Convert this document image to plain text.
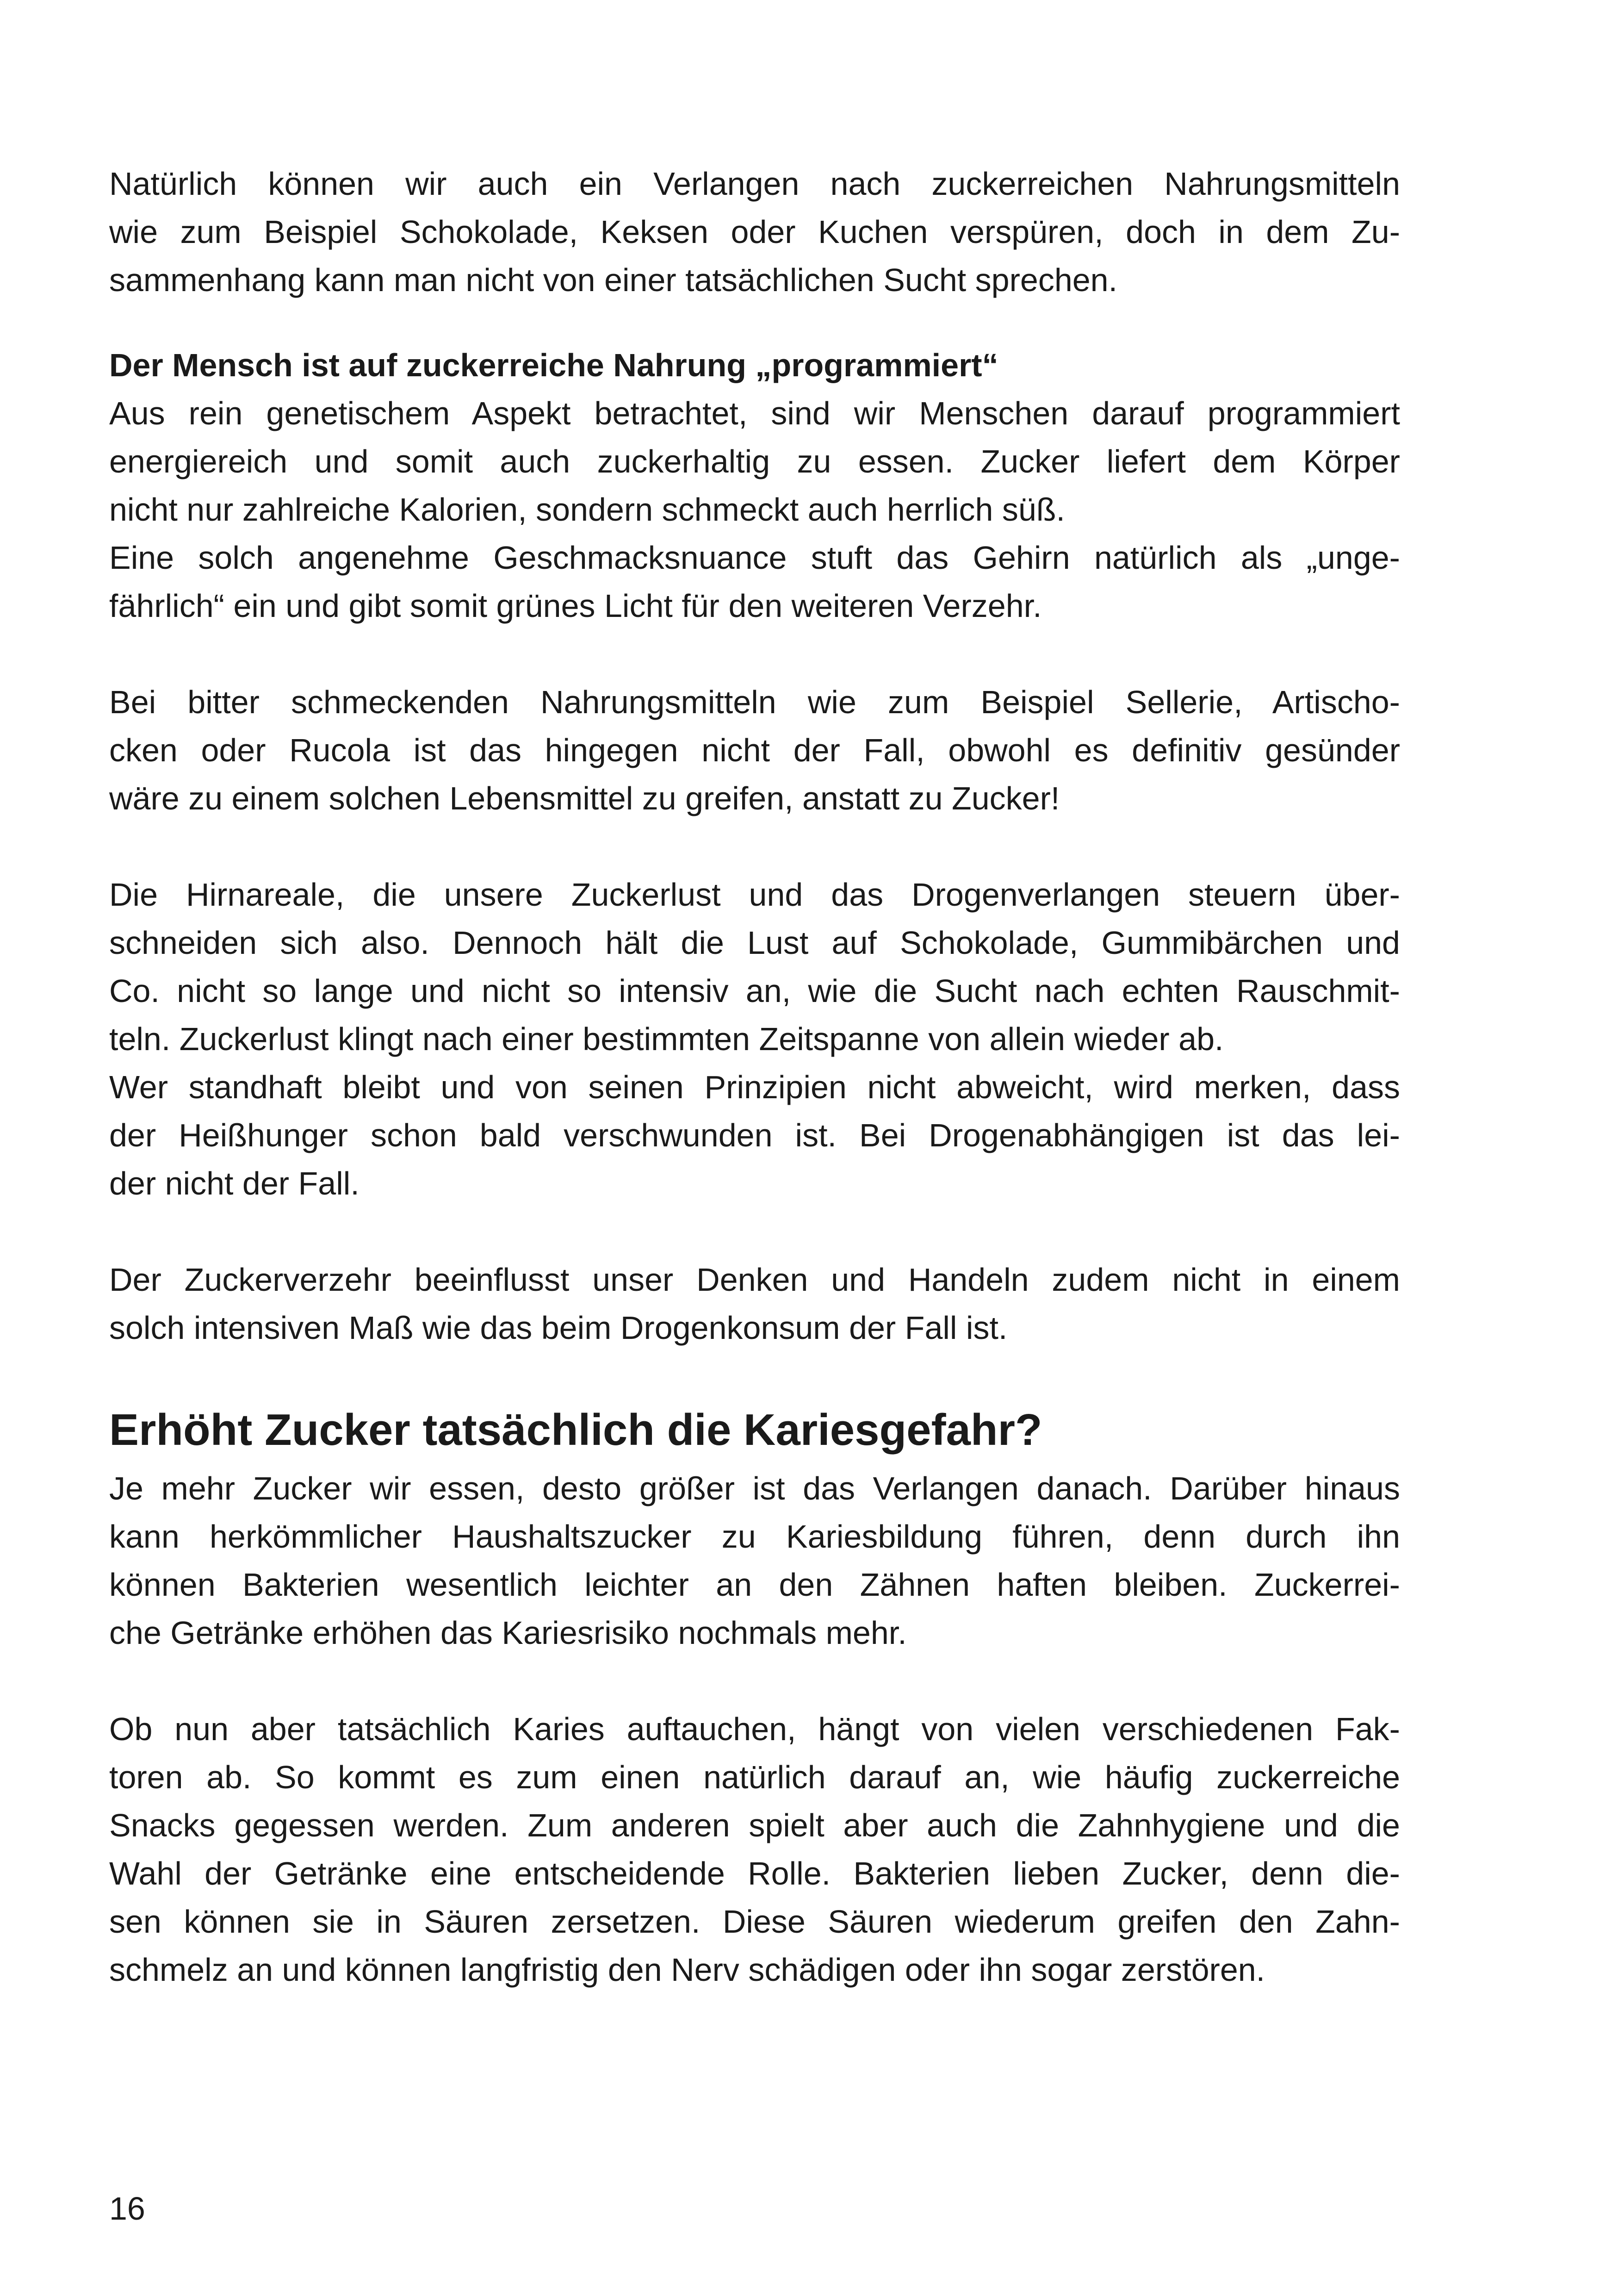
Natürlich können wir auch ein Verlangen nach zuckerreichen Nahrungsmitteln
wie zum Beispiel Schokolade, Keksen oder Kuchen verspüren, doch in dem Zu-
sammenhang kann man nicht von einer tatsächlichen Sucht sprechen.

Der Mensch ist auf zuckerreiche Nahrung „programmiert“

Aus rein genetischem Aspekt betrachtet, sind wir Menschen darauf programmiert
energiereich und somit auch zuckerhaltig zu essen. Zucker liefert dem Körper
nicht nur zahlreiche Kalorien, sondern schmeckt auch herrlich süß.
Eine solch angenehme Geschmacksnuance stuft das Gehirn natürlich als „unge-
fährlich“ ein und gibt somit grünes Licht für den weiteren Verzehr.

Bei bitter schmeckenden Nahrungsmitteln wie zum Beispiel Sellerie, Artischo-
cken oder Rucola ist das hingegen nicht der Fall, obwohl es definitiv gesünder
wäre zu einem solchen Lebensmittel zu greifen, anstatt zu Zucker!

Die Hirnareale, die unsere Zuckerlust und das Drogenverlangen steuern über-
schneiden sich also. Dennoch hält die Lust auf Schokolade, Gummibärchen und
Co. nicht so lange und nicht so intensiv an, wie die Sucht nach echten Rauschmit-
teln. Zuckerlust klingt nach einer bestimmten Zeitspanne von allein wieder ab.
Wer standhaft bleibt und von seinen Prinzipien nicht abweicht, wird merken, dass
der Heißhunger schon bald verschwunden ist. Bei Drogenabhängigen ist das lei-
der nicht der Fall.

Der Zuckerverzehr beeinflusst unser Denken und Handeln zudem nicht in einem
solch intensiven Maß wie das beim Drogenkonsum der Fall ist.

Erhöht Zucker tatsächlich die Kariesgefahr?

Je mehr Zucker wir essen, desto größer ist das Verlangen danach. Darüber hinaus
kann herkömmlicher Haushaltszucker zu Kariesbildung führen, denn durch ihn
können Bakterien wesentlich leichter an den Zähnen haften bleiben. Zuckerrei-
che Getränke erhöhen das Kariesrisiko nochmals mehr.

Ob nun aber tatsächlich Karies auftauchen, hängt von vielen verschiedenen Fak-
toren ab. So kommt es zum einen natürlich darauf an, wie häufig zuckerreiche
Snacks gegessen werden. Zum anderen spielt aber auch die Zahnhygiene und die
Wahl der Getränke eine entscheidende Rolle. Bakterien lieben Zucker, denn die-
sen können sie in Säuren zersetzen. Diese Säuren wiederum greifen den Zahn-
schmelz an und können langfristig den Nerv schädigen oder ihn sogar zerstören.

16
